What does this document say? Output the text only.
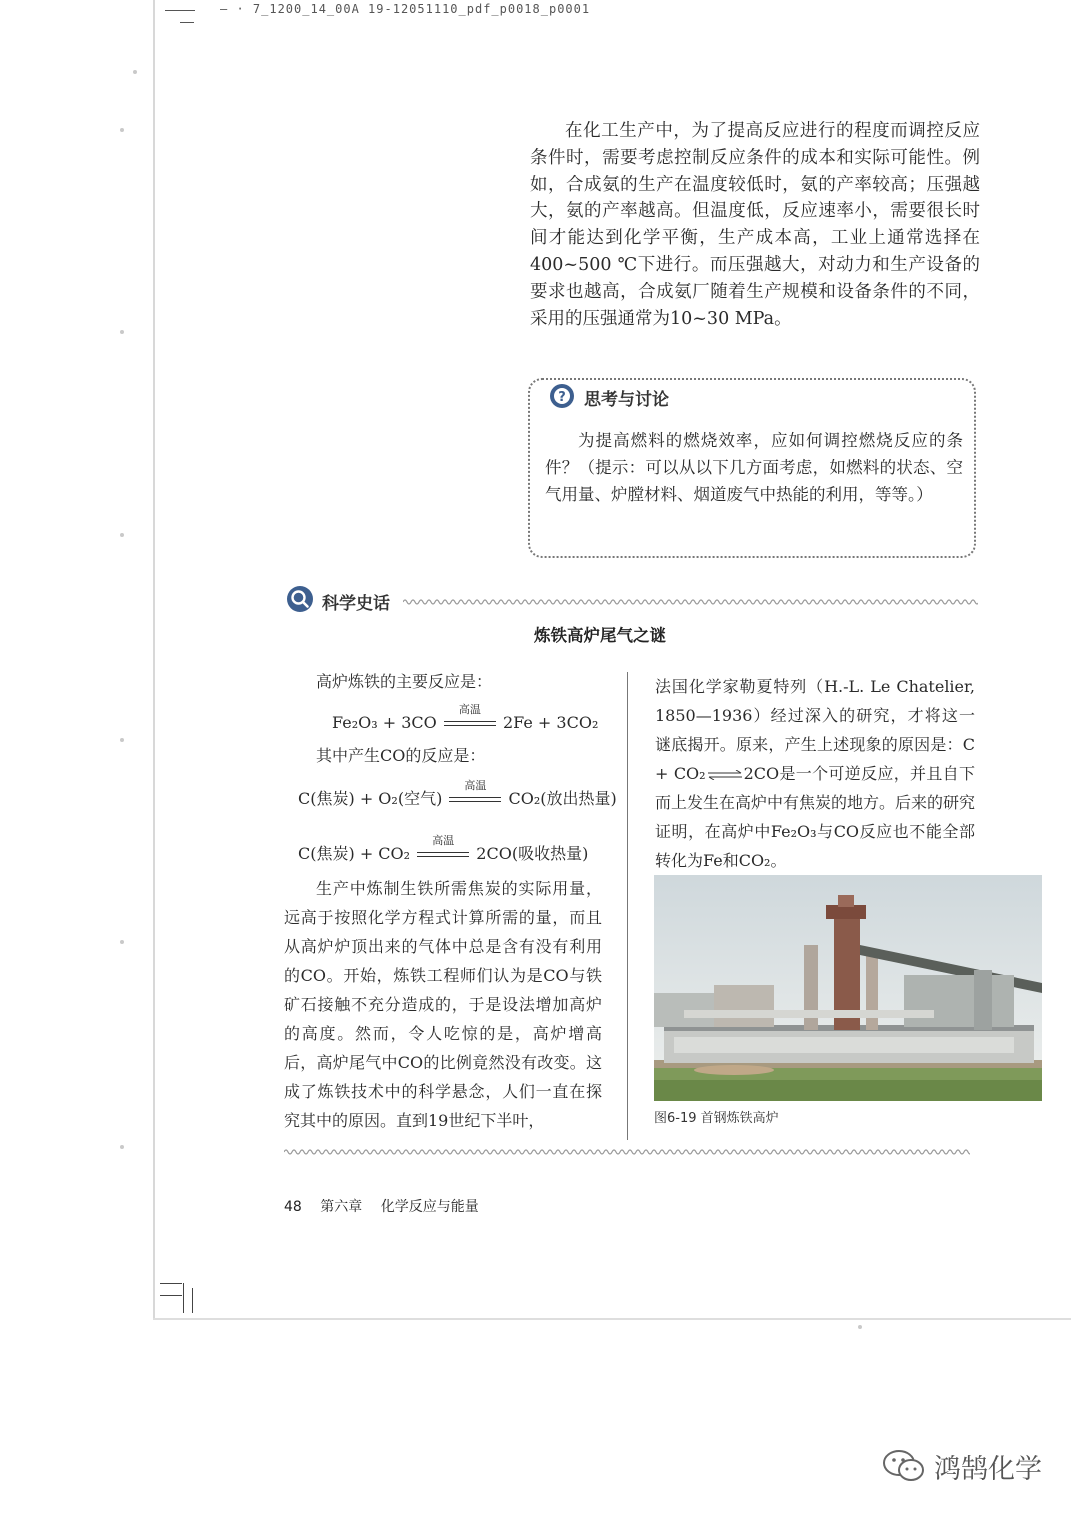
— · 7_1200_14_00A 19-12051110_pdf_p0018_p0001

在化工生产中，为了提高反应进行的程度而调控反应条件时，需要考虑控制反应条件的成本和实际可能性。例如，合成氨的生产在温度较低时，氨的产率较高；压强越大，氨的产率越高。但温度低，反应速率小，需要很长时间才能达到化学平衡，生产成本高，工业上通常选择在400~500 ℃下进行。而压强越大，对动力和生产设备的要求也越高，合成氨厂随着生产规模和设备条件的不同，采用的压强通常为10~30 MPa。

? 思考与讨论

为提高燃料的燃烧效率，应如何调控燃烧反应的条件？（提示：可以从以下几方面考虑，如燃料的状态、空气用量、炉膛材料、烟道废气中热能的利用，等等。）

科学史话
炼铁高炉尾气之谜

高炉炼铁的主要反应是：

Fe₂O₃ + 3CO
高温
2Fe + 3CO₂

其中产生CO的反应是：

C(焦炭) + O₂(空气)
高温
CO₂(放出热量)

C(焦炭) + CO₂
高温
2CO(吸收热量)

生产中炼制生铁所需焦炭的实际用量，远高于按照化学方程式计算所需的量，而且从高炉炉顶出来的气体中总是含有没有利用的CO。开始，炼铁工程师们认为是CO与铁矿石接触不充分造成的，于是设法增加高炉的高度。然而，令人吃惊的是，高炉增高后，高炉尾气中CO的比例竟然没有改变。这成了炼铁技术中的科学悬念，人们一直在探究其中的原因。直到19世纪下半叶，

法国化学家勒夏特列（H.-L. Le Chatelier, 1850—1936）经过深入的研究，才将这一谜底揭开。原来，产生上述现象的原因是：C + CO₂⇌2CO是一个可逆反应，并且自下而上发生在高炉中有焦炭的地方。后来的研究证明，在高炉中Fe₂O₃与CO反应也不能全部转化为Fe和CO₂。

图6-19 首钢炼铁高炉
48 第六章 化学反应与能量
鸿鹄化学
